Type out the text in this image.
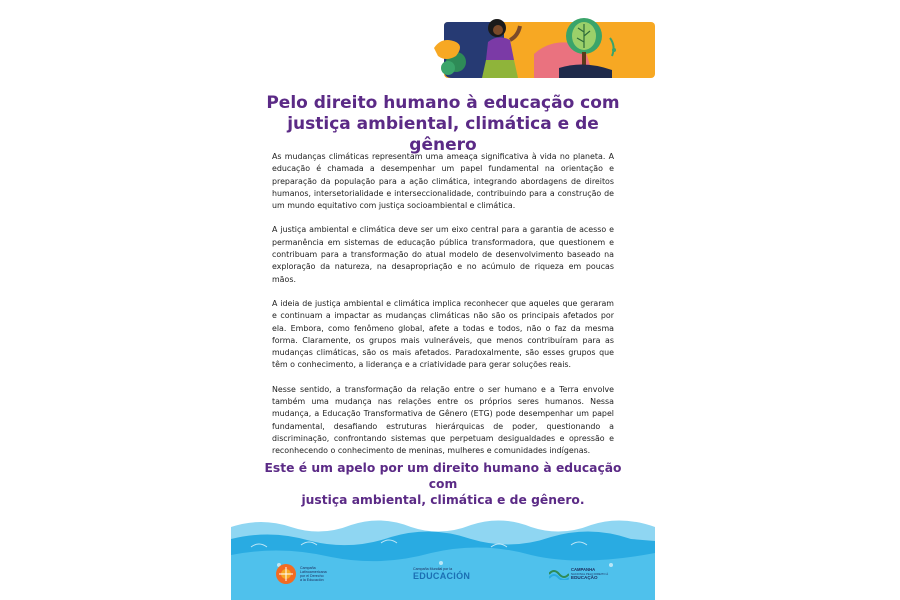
Pelo direito humano à educação com
justiça ambiental, climática e de gênero

As mudanças climáticas representam uma ameaça significativa à vida no planeta. A educação é chamada a desempenhar um papel fundamental na orientação e preparação da população para a ação climática, integrando abordagens de direitos humanos, intersetorialidade e interseccionalidade, contribuindo para a construção de um mundo equitativo com justiça socioambiental e climática.

A justiça ambiental e climática deve ser um eixo central para a garantia de acesso e permanência em sistemas de educação pública transformadora, que questionem e contribuam para a transformação do atual modelo de desenvolvimento baseado na exploração da natureza, na desapropriação e no acúmulo de riqueza em poucas mãos.

A ideia de justiça ambiental e climática implica reconhecer que aqueles que geraram e continuam a impactar as mudanças climáticas não são os principais afetados por ela. Embora, como fenômeno global, afete a todas e todos, não o faz da mesma forma. Claramente, os grupos mais vulneráveis, que menos contribuíram para as mudanças climáticas, são os mais afetados. Paradoxalmente, são esses grupos que têm o conhecimento, a liderança e a criatividade para gerar soluções reais.

Nesse sentido, a transformação da relação entre o ser humano e a Terra envolve também uma mudança nas relações entre os próprios seres humanos. Nessa mudança, a Educação Transformativa de Gênero (ETG) pode desempenhar um papel fundamental, desafiando estruturas hierárquicas de poder, questionando a discriminação, confrontando sistemas que perpetuam desigualdades e opressão e reconhecendo o conhecimento de meninas, mulheres e comunidades indígenas.

Este é um apelo por um direito humano à educação com
justiça ambiental, climática e de gênero.
Campaña
Latinoamericana
por el Derecho
a la Educación
Campaña Mundial por la
EDUCACIÓN
CAMPANHA
NACIONAL PELO DIREITO À
EDUCAÇÃO
